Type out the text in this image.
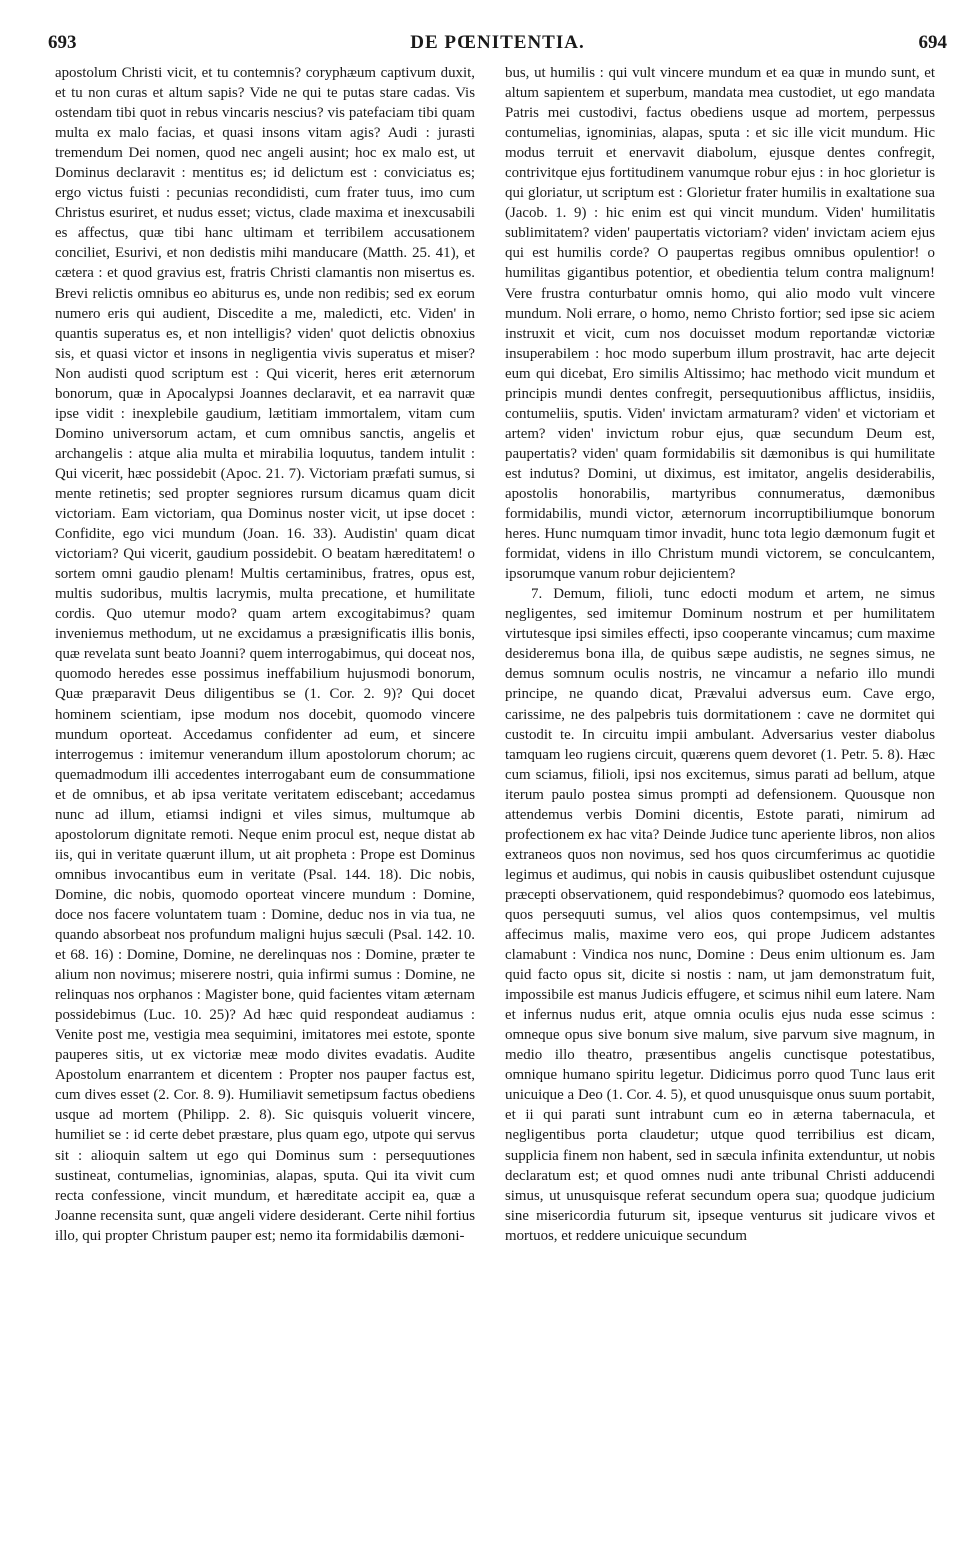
693	DE PŒNITENTIA.	694

apostolum Christi vicit, et tu contemnis? coryphæum captivum duxit, et tu non curas et altum sapis? Vide ne qui te putas stare cadas. Vis ostendam tibi quot in rebus vincaris nescius? vis patefaciam tibi quam multa ex malo facias, et quasi insons vitam agis? Audi : jurasti tremendum Dei nomen, quod nec angeli ausint; hoc ex malo est, ut Dominus declaravit : mentitus es; id delictum est : conviciatus es; ergo victus fuisti : pecunias recondidisti, cum frater tuus, imo cum Christus esuriret, et nudus esset; victus, clade maxima et inexcusabili es affectus, quæ tibi hanc ultimam et terribilem accusationem conciliet, Esurivi, et non dedistis mihi manducare (Matth. 25. 41), et cætera : et quod gravius est, fratris Christi clamantis non misertus es. Brevi relictis omnibus eo abiturus es, unde non redibis; sed ex eorum numero eris qui audient, Discedite a me, maledicti, etc. Viden' in quantis superatus es, et non intelligis? viden' quot delictis obnoxius sis, et quasi victor et insons in negligentia vivis superatus et miser? Non audisti quod scriptum est : Qui vicerit, heres erit æternorum bonorum, quæ in Apocalypsi Joannes declaravit, et ea narravit quæ ipse vidit : inexplebile gaudium, lætitiam immortalem, vitam cum Domino universorum actam, et cum omnibus sanctis, angelis et archangelis : atque alia multa et mirabilia loquutus, tandem intulit : Qui vicerit, hæc possidebit (Apoc. 21. 7). Victoriam præfati sumus, si mente retinetis; sed propter segniores rursum dicamus quam dicit victoriam. Eam victoriam, qua Dominus noster vicit, ut ipse docet : Confidite, ego vici mundum (Joan. 16. 33). Audistin' quam dicat victoriam? Qui vicerit, gaudium possidebit. O beatam hæreditatem! o sortem omni gaudio plenam! Multis certaminibus, fratres, opus est, multis sudoribus, multis lacrymis, multa precatione, et humilitate cordis. Quo utemur modo? quam artem excogitabimus? quam inveniemus methodum, ut ne excidamus a præsignificatis illis bonis, quæ revelata sunt beato Joanni? quem interrogabimus, qui doceat nos, quomodo heredes esse possimus ineffabilium hujusmodi bonorum, Quæ præparavit Deus diligentibus se (1. Cor. 2. 9)? Qui docet hominem scientiam, ipse modum nos docebit, quomodo vincere mundum oporteat. Accedamus confidenter ad eum, et sincere interrogemus : imitemur venerandum illum apostolorum chorum; ac quemadmodum illi accedentes interrogabant eum de consummatione et de omnibus, et ab ipsa veritate veritatem ediscebant; accedamus nunc ad illum, etiamsi indigni et viles simus, multumque ab apostolorum dignitate remoti. Neque enim procul est, neque distat ab iis, qui in veritate quærunt illum, ut ait propheta : Prope est Dominus omnibus invocantibus eum in veritate (Psal. 144. 18). Dic nobis, Domine, dic nobis, quomodo oporteat vincere mundum : Domine, doce nos facere voluntatem tuam : Domine, deduc nos in via tua, ne quando absorbeat nos profundum maligni hujus sæculi (Psal. 142. 10. et 68. 16) : Domine, Domine, ne derelinquas nos : Domine, præter te alium non novimus; miserere nostri, quia infirmi sumus : Domine, ne relinquas nos orphanos : Magister bone, quid facientes vitam æternam possidebimus (Luc. 10. 25)? Ad hæc quid respondeat audiamus : Venite post me, vestigia mea sequimini, imitatores mei estote, sponte pauperes sitis, ut ex victoriæ meæ modo divites evadatis. Audite Apostolum enarrantem et dicentem : Propter nos pauper factus est, cum dives esset (2. Cor. 8. 9). Humiliavit semetipsum factus obediens usque ad mortem (Philipp. 2. 8). Sic quisquis voluerit vincere, humiliet se : id certe debet præstare, plus quam ego, utpote qui servus sit : alioquin saltem ut ego qui Dominus sum : persequutiones sustineat, contumelias, ignominias, alapas, sputa. Qui ita vivit cum recta confessione, vincit mundum, et hæreditate accipit ea, quæ a Joanne recensita sunt, quæ angeli videre desiderant. Certe nihil fortius illo, qui propter Christum pauper est; nemo ita formidabilis dæmoni-

bus, ut humilis : qui vult vincere mundum et ea quæ in mundo sunt, et altum sapientem et superbum, mandata mea custodiet, ut ego mandata Patris mei custodivi, factus obediens usque ad mortem, perpessus contumelias, ignominias, alapas, sputa : et sic ille vicit mundum. Hic modus terruit et enervavit diabolum, ejusque dentes confregit, contrivitque ejus fortitudinem vanumque robur ejus : in hoc glorietur is qui gloriatur, ut scriptum est : Glorietur frater humilis in exaltatione sua (Jacob. 1. 9) : hic enim est qui vincit mundum. Viden' humilitatis sublimitatem? viden' paupertatis victoriam? viden' invictam aciem ejus qui est humilis corde? O paupertas regibus omnibus opulentior! o humilitas gigantibus potentior, et obedientia telum contra malignum! Vere frustra conturbatur omnis homo, qui alio modo vult vincere mundum. Noli errare, o homo, nemo Christo fortior; sed ipse sic aciem instruxit et vicit, cum nos docuisset modum reportandæ victoriæ insuperabilem : hoc modo superbum illum prostravit, hac arte dejecit eum qui dicebat, Ero similis Altissimo; hac methodo vicit mundum et principis mundi dentes confregit, persequutionibus afflictus, insidiis, contumeliis, sputis. Viden' invictam armaturam? viden' et victoriam et artem? viden' invictum robur ejus, quæ secundum Deum est, paupertatis? viden' quam formidabilis sit dæmonibus is qui humilitate est indutus? Domini, ut diximus, est imitator, angelis desiderabilis, apostolis honorabilis, martyribus connumeratus, dæmonibus formidabilis, mundi victor, æternorum incorruptibiliumque bonorum heres. Hunc numquam timor invadit, hunc tota legio dæmonum fugit et formidat, videns in illo Christum mundi victorem, se conculcantem, ipsorumque vanum robur dejicientem?

7. Demum, filioli, tunc edocti modum et artem, ne simus negligentes, sed imitemur Dominum nostrum et per humilitatem virtutesque ipsi similes effecti, ipso cooperante vincamus; cum maxime desideremus bona illa, de quibus sæpe audistis, ne segnes simus, ne demus somnum oculis nostris, ne vincamur a nefario illo mundi principe, ne quando dicat, Prævalui adversus eum. Cave ergo, carissime, ne des palpebris tuis dormitationem : cave ne dormitet qui custodit te. In circuitu impii ambulant. Adversarius vester diabolus tamquam leo rugiens circuit, quærens quem devoret (1. Petr. 5. 8). Hæc cum sciamus, filioli, ipsi nos excitemus, simus parati ad bellum, atque iterum paulo postea simus prompti ad defensionem. Quousque non attendemus verbis Domini dicentis, Estote parati, nimirum ad profectionem ex hac vita? Deinde Judice tunc aperiente libros, non alios extraneos quos non novimus, sed hos quos circumferimus ac quotidie legimus et audimus, qui nobis in causis quibuslibet ostendunt cujusque præcepti observationem, quid respondebimus? quomodo eos latebimus, quos persequuti sumus, vel alios quos contempsimus, vel multis affecimus malis, maxime vero eos, qui prope Judicem adstantes clamabunt : Vindica nos nunc, Domine : Deus enim ultionum es. Jam quid facto opus sit, dicite si nostis : nam, ut jam demonstratum fuit, impossibile est manus Judicis effugere, et scimus nihil eum latere. Nam et infernus nudus erit, atque omnia oculis ejus nuda esse scimus : omneque opus sive bonum sive malum, sive parvum sive magnum, in medio illo theatro, præsentibus angelis cunctisque potestatibus, omnique humano spiritu legetur. Didicimus porro quod Tunc laus erit unicuique a Deo (1. Cor. 4. 5), et quod unusquisque onus suum portabit, et ii qui parati sunt intrabunt cum eo in æterna tabernacula, et negligentibus porta claudetur; utque quod terribilius est dicam, supplicia finem non habent, sed in sæcula infinita extenduntur, ut nobis declaratum est; et quod omnes nudi ante tribunal Christi adducendi simus, ut unusquisque referat secundum opera sua; quodque judicium sine misericordia futurum sit, ipseque venturus sit judicare vivos et mortuos, et reddere unicuique secundum
